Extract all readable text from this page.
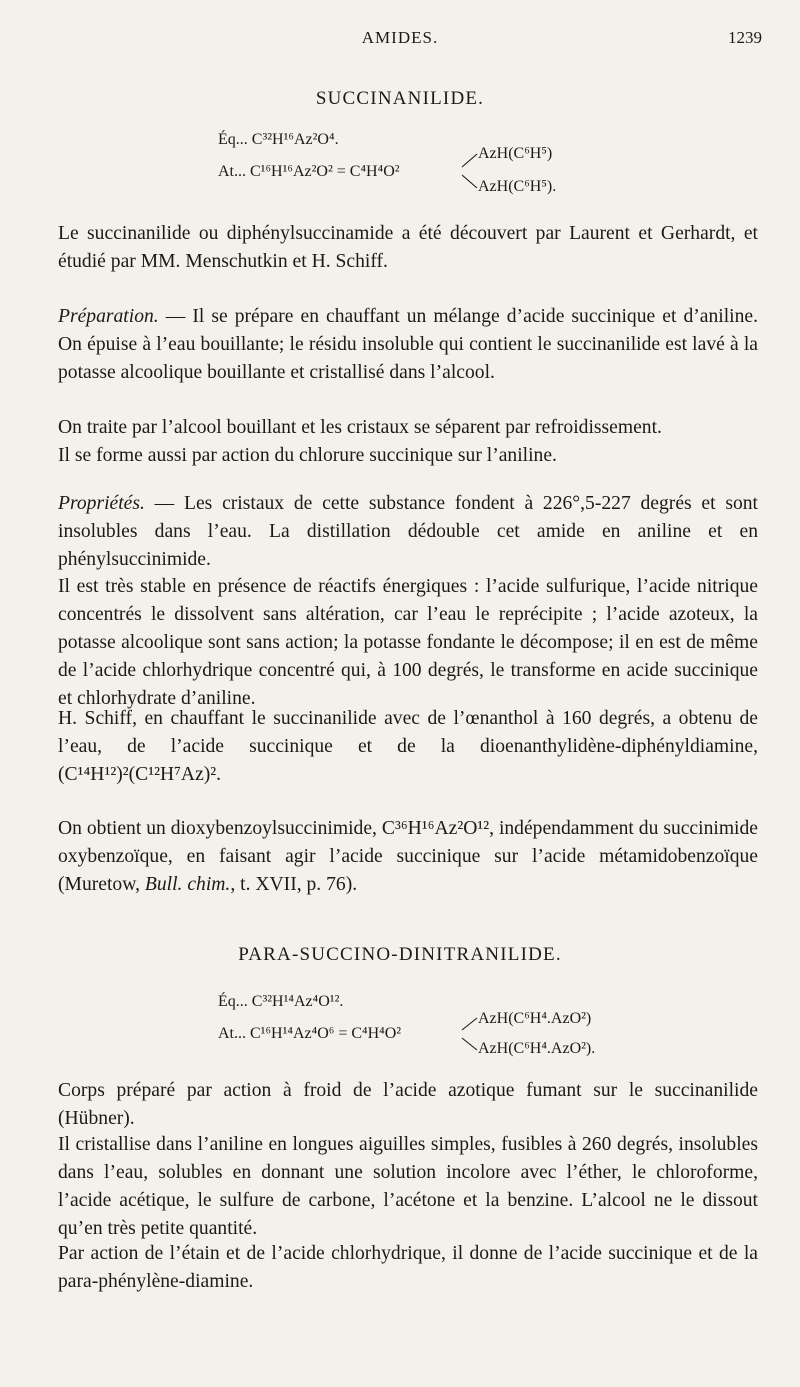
AMIDES.	1239
SUCCINANILIDE.
Éq... C³²H¹⁶Az²O⁴.
At... C¹⁶H¹⁶Az²O² = C⁴H⁴O²
AzH(C⁶H⁵)
AzH(C⁶H⁵).
Le succinanilide ou diphénylsuccinamide a été découvert par Laurent et Gerhardt, et étudié par MM. Menschutkin et H. Schiff.
Préparation. — Il se prépare en chauffant un mélange d’acide succinique et d’aniline. On épuise à l’eau bouillante; le résidu insoluble qui contient le succinanilide est lavé à la potasse alcoolique bouillante et cristallisé dans l’alcool.
On traite par l’alcool bouillant et les cristaux se séparent par refroidissement.
Il se forme aussi par action du chlorure succinique sur l’aniline.
Propriétés. — Les cristaux de cette substance fondent à 226°,5-227 degrés et sont insolubles dans l’eau. La distillation dédouble cet amide en aniline et en phénylsuccinimide.
Il est très stable en présence de réactifs énergiques : l’acide sulfurique, l’acide nitrique concentrés le dissolvent sans altération, car l’eau le reprécipite ; l’acide azoteux, la potasse alcoolique sont sans action; la potasse fondante le décompose; il en est de même de l’acide chlorhydrique concentré qui, à 100 degrés, le transforme en acide succinique et chlorhydrate d’aniline.
H. Schiff, en chauffant le succinanilide avec de l’œnanthol à 160 degrés, a obtenu de l’eau, de l’acide succinique et de la dioenanthylidène-diphényldiamine, (C¹⁴H¹²)²(C¹²H⁷Az)².
On obtient un dioxybenzoylsuccinimide, C³⁶H¹⁶Az²O¹², indépendamment du succinimide oxybenzoïque, en faisant agir l’acide succinique sur l’acide métamidobenzoïque (Muretow, Bull. chim., t. XVII, p. 76).
PARA-SUCCINO-DINITRANILIDE.
Éq... C³²H¹⁴Az⁴O¹².
At... C¹⁶H¹⁴Az⁴O⁶ = C⁴H⁴O²
AzH(C⁶H⁴.AzO²)
AzH(C⁶H⁴.AzO²).
Corps préparé par action à froid de l’acide azotique fumant sur le succinanilide (Hübner).
Il cristallise dans l’aniline en longues aiguilles simples, fusibles à 260 degrés, insolubles dans l’eau, solubles en donnant une solution incolore avec l’éther, le chloroforme, l’acide acétique, le sulfure de carbone, l’acétone et la benzine. L’alcool ne le dissout qu’en très petite quantité.
Par action de l’étain et de l’acide chlorhydrique, il donne de l’acide succinique et de la para-phénylène-diamine.
